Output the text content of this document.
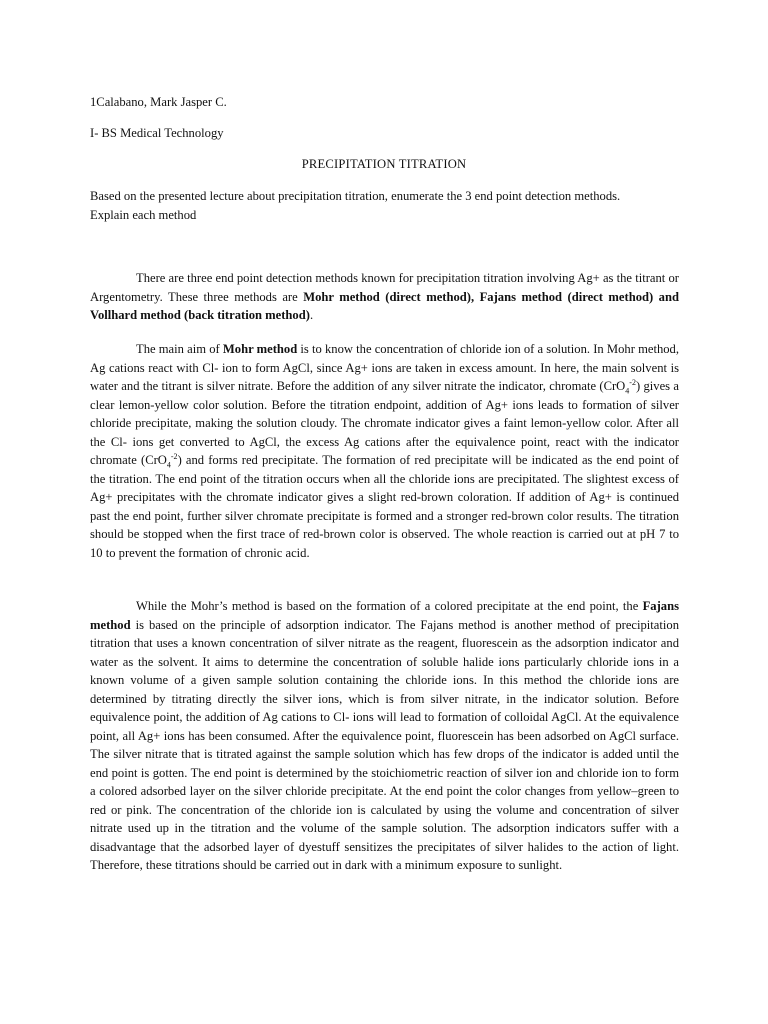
1Calabano, Mark Jasper C.
I- BS Medical Technology
PRECIPITATION TITRATION
Based on the presented lecture about precipitation titration, enumerate the 3 end point detection methods. Explain each method

There are three end point detection methods known for precipitation titration involving Ag+ as the titrant or Argentometry. These three methods are Mohr method (direct method), Fajans method (direct method) and Vollhard method (back titration method).

The main aim of Mohr method is to know the concentration of chloride ion of a solution. In Mohr method, Ag cations react with Cl- ion to form AgCl, since Ag+ ions are taken in excess amount. In here, the main solvent is water and the titrant is silver nitrate. Before the addition of any silver nitrate the indicator, chromate (CrO$_4^{-2}$) gives a clear lemon-yellow color solution. Before the titration endpoint, addition of Ag+ ions leads to formation of silver chloride precipitate, making the solution cloudy. The chromate indicator gives a faint lemon-yellow color. After all the Cl- ions get converted to AgCl, the excess Ag cations after the equivalence point, react with the indicator chromate (CrO$_4^{-2}$) and forms red precipitate. The formation of red precipitate will be indicated as the end point of the titration. The end point of the titration occurs when all the chloride ions are precipitated. The slightest excess of Ag+ precipitates with the chromate indicator gives a slight red-brown coloration. If addition of Ag+ is continued past the end point, further silver chromate precipitate is formed and a stronger red-brown color results. The titration should be stopped when the first trace of red-brown color is observed. The whole reaction is carried out at pH 7 to 10 to prevent the formation of chronic acid.

While the Mohr’s method is based on the formation of a colored precipitate at the end point, the Fajans method is based on the principle of adsorption indicator. The Fajans method is another method of precipitation titration that uses a known concentration of silver nitrate as the reagent, fluorescein as the adsorption indicator and water as the solvent. It aims to determine the concentration of soluble halide ions particularly chloride ions in a known volume of a given sample solution containing the chloride ions. In this method the chloride ions are determined by titrating directly the silver ions, which is from silver nitrate, in the indicator solution. Before equivalence point, the addition of Ag cations to Cl- ions will lead to formation of colloidal AgCl. At the equivalence point, all Ag+ ions has been consumed. After the equivalence point, fluorescein has been adsorbed on AgCl surface. The silver nitrate that is titrated against the sample solution which has few drops of the indicator is added until the end point is gotten. The end point is determined by the stoichiometric reaction of silver ion and chloride ion to form a colored adsorbed layer on the silver chloride precipitate. At the end point the color changes from yellow–green to red or pink. The concentration of the chloride ion is calculated by using the volume and concentration of silver nitrate used up in the titration and the volume of the sample solution. The adsorption indicators suffer with a disadvantage that the adsorbed layer of dyestuff sensitizes the precipitates of silver halides to the action of light. Therefore, these titrations should be carried out in dark with a minimum exposure to sunlight.
